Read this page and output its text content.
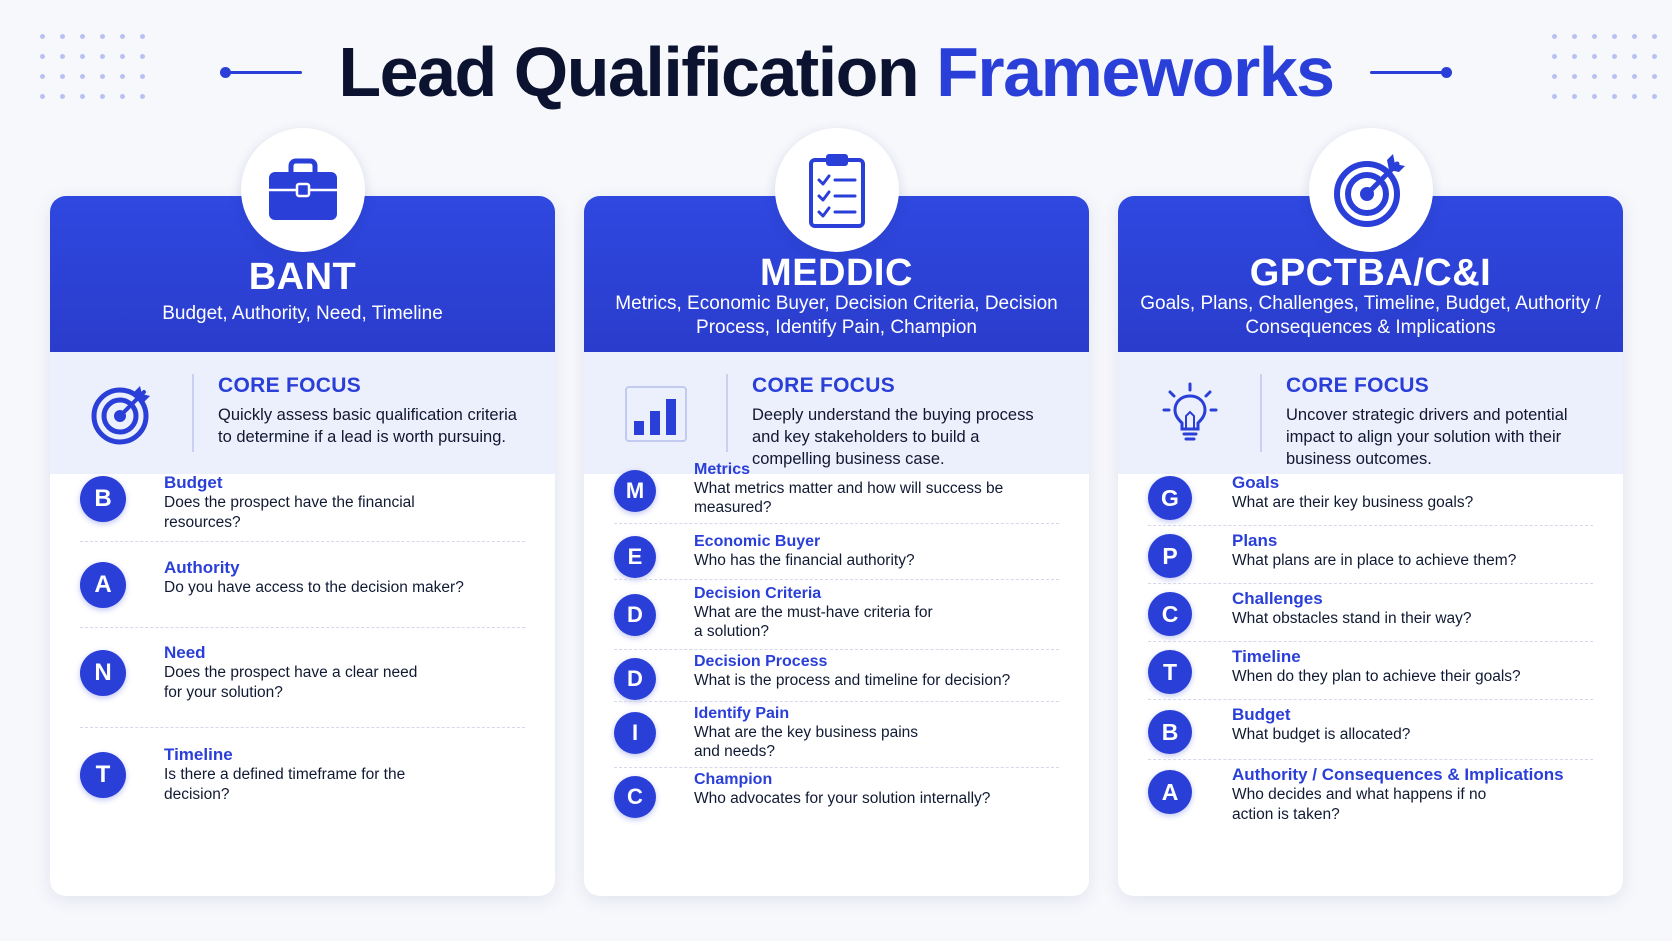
Lead Qualification Frameworks
BANT
Budget, Authority, Need, Timeline
CORE FOCUS
Quickly assess basic qualification criteria to determine if a lead is worth pursuing.
B
Budget
Does the prospect have the financial resources?
A
Authority
Do you have access to the decision maker?
N
Need
Does the prospect have a clear need for your solution?
T
Timeline
Is there a defined timeframe for the decision?
MEDDIC
Metrics, Economic Buyer, Decision Criteria, Decision Process, Identify Pain, Champion
CORE FOCUS
Deeply understand the buying process and key stakeholders to build a compelling business case.
M
Metrics
What metrics matter and how will success be measured?
E
Economic Buyer
Who has the financial authority?
D
Decision Criteria
What are the must-have criteria for a solution?
D
Decision Process
What is the process and timeline for decision?
I
Identify Pain
What are the key business pains and needs?
C
Champion
Who advocates for your solution internally?
GPCTBA/C&I
Goals, Plans, Challenges, Timeline, Budget, Authority / Consequences & Implications
CORE FOCUS
Uncover strategic drivers and potential impact to align your solution with their business outcomes.
G
Goals
What are their key business goals?
P
Plans
What plans are in place to achieve them?
C
Challenges
What obstacles stand in their way?
T
Timeline
When do they plan to achieve their goals?
B
Budget
What budget is allocated?
A
Authority / Consequences & Implications
Who decides and what happens if no action is taken?
